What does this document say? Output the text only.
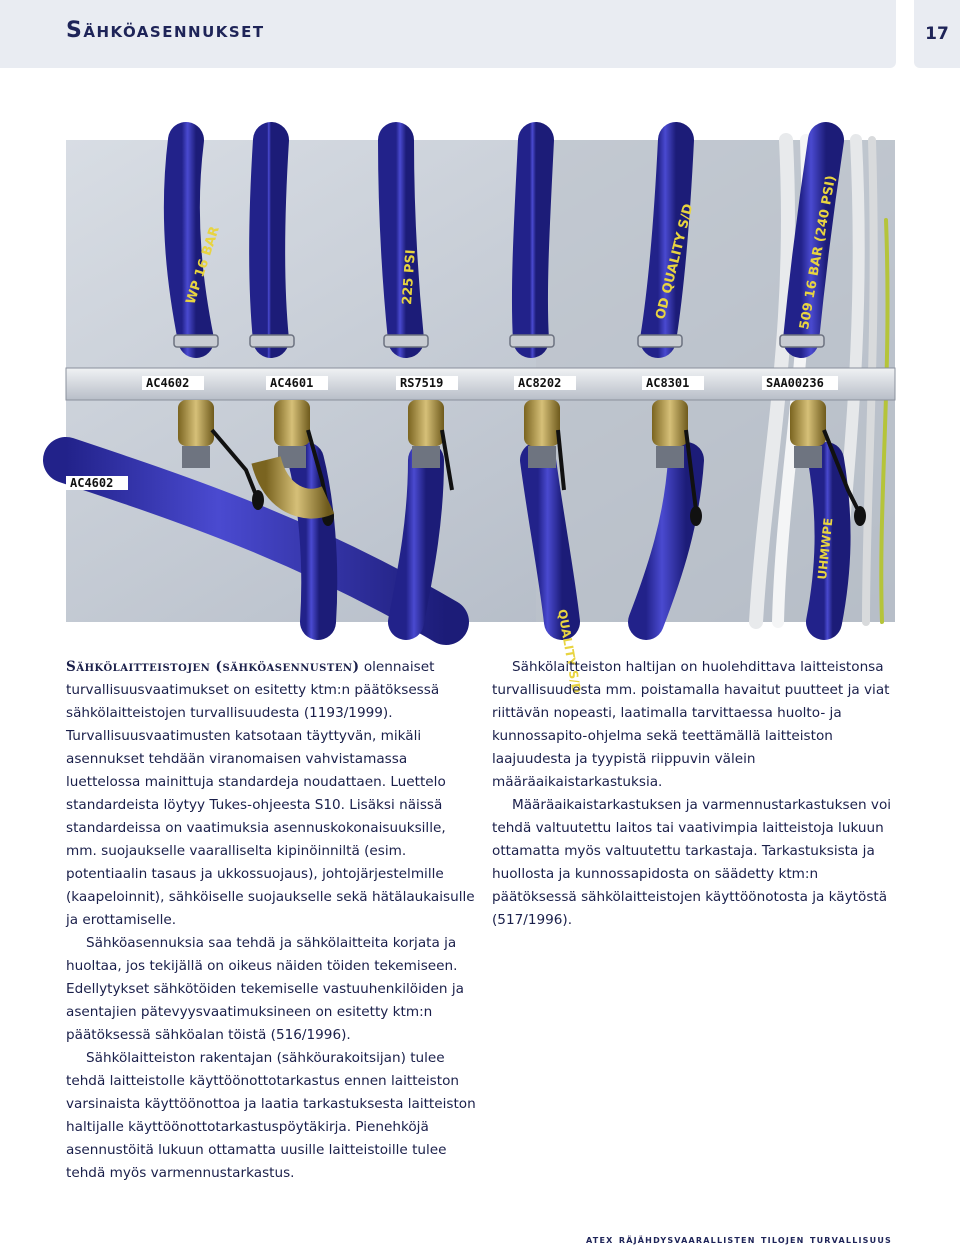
Sähköasennukset	17
WP 16 BAR	225 PSI	OD QUALITY S/D	509 16 BAR (240 PSI)
QUALITY S/D
UHMWPE
AC4602	AC4601	RS7519	AC8202	AC8301	SAA00236
AC4602

Sähkölaitteistojen (sähköasennusten) olennaiset turvallisuusvaatimukset on esitetty ktm:n päätöksessä sähkölaitteistojen turvallisuudesta (1193/1999). Turvallisuusvaatimusten katsotaan täyttyvän, mikäli asennukset tehdään viranomaisen vahvistamassa luettelossa mainittuja standardeja noudattaen. Luettelo standardeista löytyy Tukes-ohjeesta S10. Lisäksi näissä standardeissa on vaatimuksia asennuskokonaisuuksille, mm. suojaukselle vaaralliselta kipinöinniltä (esim. potentiaalin tasaus ja ukkossuojaus), johtojärjestelmille (kaapeloinnit), sähköiselle suojaukselle sekä hätälaukaisulle ja erottamiselle.

Sähköasennuksia saa tehdä ja sähkölaitteita korjata ja huoltaa, jos tekijällä on oikeus näiden töiden tekemiseen. Edellytykset sähkötöiden tekemiselle vastuuhenkilöiden ja asentajien pätevyysvaatimuksineen on esitetty ktm:n päätöksessä sähköalan töistä (516/1996).

Sähkölaitteiston rakentajan (sähköurakoitsijan) tulee tehdä laitteistolle käyttöönottotarkastus ennen laitteiston varsinaista käyttöönottoa ja laatia tarkastuksesta laitteiston haltijalle käyttöönottotarkastuspöytäkirja. Pienehköjä asennustöitä lukuun ottamatta uusille laitteistoille tulee tehdä myös varmennustarkastus.

Sähkölaitteiston haltijan on huolehdittava laitteistonsa turvallisuudesta mm. poistamalla havaitut puutteet ja viat riittävän nopeasti, laatimalla tarvittaessa huolto- ja kunnossapito-ohjelma sekä teettämällä laitteiston laajuudesta ja tyypistä riippuvin välein määräaikaistarkastuksia.

Määräaikaistarkastuksen ja varmennustarkastuksen voi tehdä valtuutettu laitos tai vaativimpia laitteistoja lukuun ottamatta myös valtuutettu tarkastaja. Tarkastuksista ja huollosta ja kunnossapidosta on säädetty ktm:n päätöksessä sähkölaitteistojen käyttöönotosta ja käytöstä (517/1996).

atex räjähdysvaarallisten tilojen turvallisuus
